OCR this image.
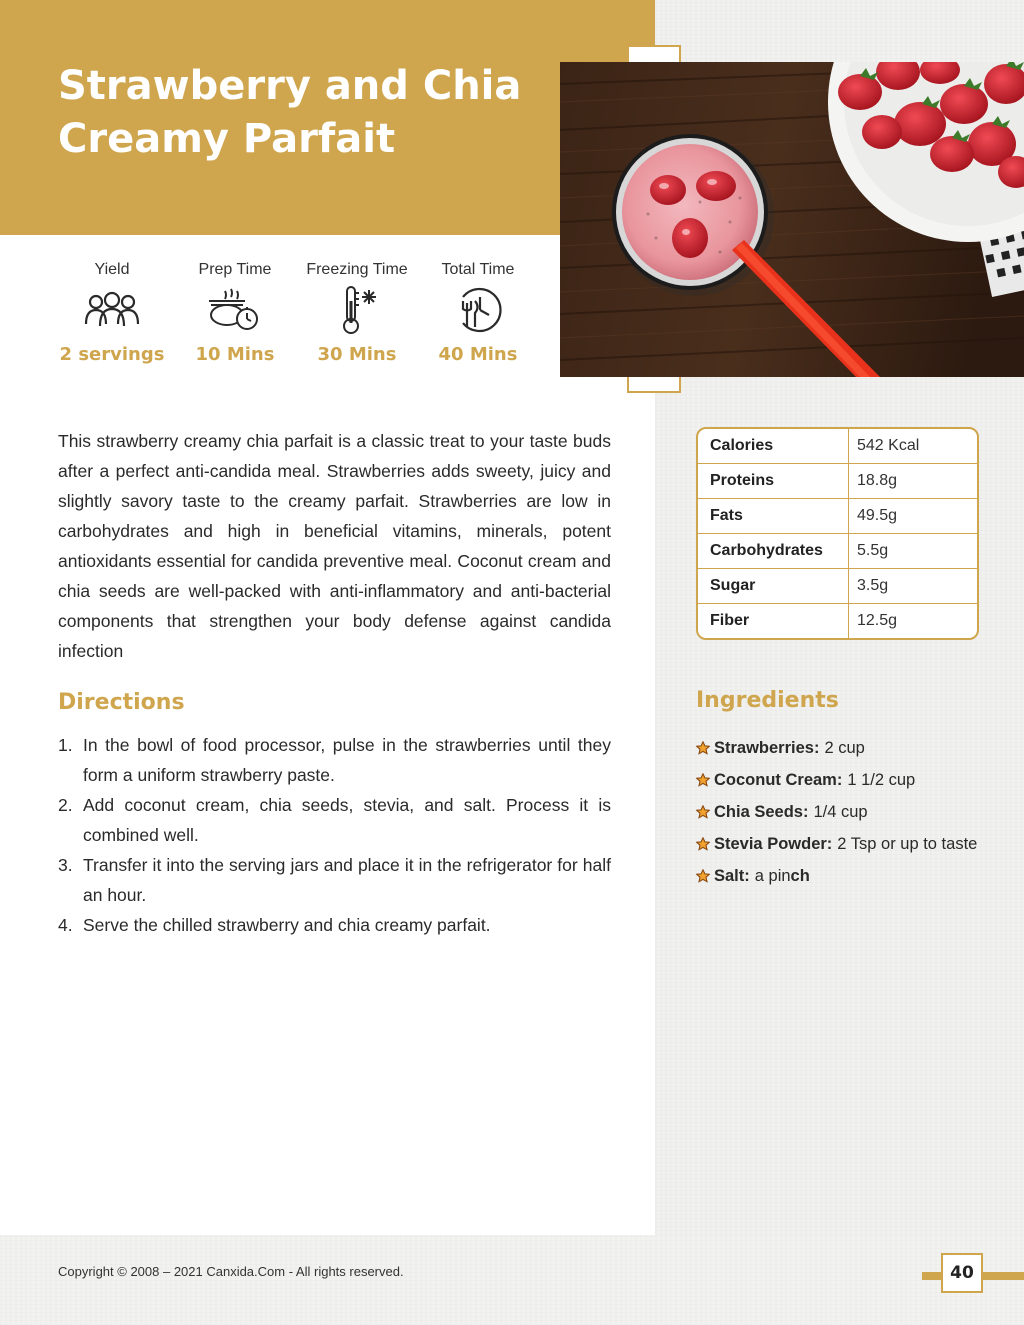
Strawberry and Chia Creamy Parfait
Yield
2 servings
Prep Time
10 Mins
Freezing Time
30 Mins
Total Time
40 Mins

This strawberry creamy chia parfait is a classic treat to your taste buds after a perfect anti-candida meal. Strawberries adds sweety, juicy and slightly savory taste to the creamy parfait. Strawberries are low in carbohydrates and high in beneficial vitamins, minerals, potent antioxidants essential for candida preventive meal. Coconut cream and chia seeds are well-packed with anti-inflammatory and anti-bacterial components that strengthen your body defense against candida infection

Directions
1. In the bowl of food processor, pulse in the strawberries until they form a uniform strawberry paste.
2. Add coconut cream, chia seeds, stevia, and salt. Process it is combined well.
3. Transfer it into the serving jars and place it in the refrigerator for half an hour.
4. Serve the chilled strawberry and chia creamy parfait.
Calories	542 Kcal
Proteins	18.8g
Fats	49.5g
Carbohydrates	5.5g
Sugar	3.5g
Fiber	12.5g
Ingredients
Strawberries: 2 cup
Coconut Cream: 1 1/2 cup
Chia Seeds: 1/4 cup
Stevia Powder: 2 Tsp or up to taste
Salt: a pin ch
Copyright © 2008 – 2021 Canxida.Com - All rights reserved.	40
